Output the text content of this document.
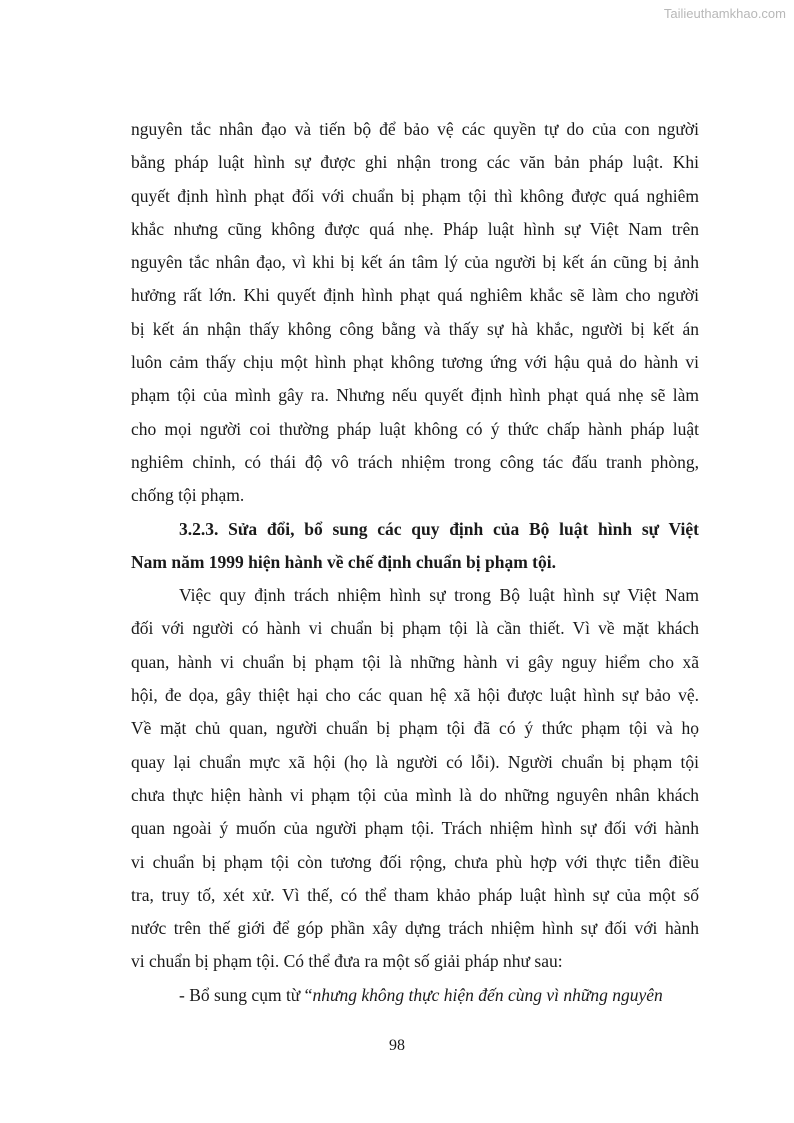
Tailieuthamkhao.com

nguyên tắc nhân đạo và tiến bộ để bảo vệ các quyền tự do của con người
bằng pháp luật hình sự được ghi nhận trong các văn bản pháp luật. Khi
quyết định hình phạt đối với chuẩn bị phạm tội thì không được quá nghiêm
khắc nhưng cũng không được quá nhẹ. Pháp luật hình sự Việt Nam trên
nguyên tắc nhân đạo, vì khi bị kết án tâm lý của người bị kết án cũng bị ảnh
hưởng rất lớn. Khi quyết định hình phạt quá nghiêm khắc sẽ làm cho người
bị kết án nhận thấy không công bằng và thấy sự hà khắc, người bị kết án
luôn cảm thấy chịu một hình phạt không tương ứng với hậu quả do hành vi
phạm tội của mình gây ra. Nhưng nếu quyết định hình phạt quá nhẹ sẽ làm
cho mọi người coi thường pháp luật không có ý thức chấp hành pháp luật
nghiêm chỉnh, có thái độ vô trách nhiệm trong công tác đấu tranh phòng,
chống tội phạm.

3.2.3. Sửa đổi, bổ sung các quy định của Bộ luật hình sự Việt
Nam năm 1999 hiện hành về chế định chuẩn bị phạm tội.

Việc quy định trách nhiệm hình sự trong Bộ luật hình sự Việt Nam
đối với người có hành vi chuẩn bị phạm tội là cần thiết. Vì về mặt khách
quan, hành vi chuẩn bị phạm tội là những hành vi gây nguy hiểm cho xã
hội, đe dọa, gây thiệt hại cho các quan hệ xã hội được luật hình sự bảo vệ.
Về mặt chủ quan, người chuẩn bị phạm tội đã có ý thức phạm tội và họ
quay lại chuẩn mực xã hội (họ là người có lỗi). Người chuẩn bị phạm tội
chưa thực hiện hành vi phạm tội của mình là do những nguyên nhân khách
quan ngoài ý muốn của người phạm tội. Trách nhiệm hình sự đối với hành
vi chuẩn bị phạm tội còn tương đối rộng, chưa phù hợp với thực tiễn điều
tra, truy tố, xét xử. Vì thế, có thể tham khảo pháp luật hình sự của một số
nước trên thế giới để góp phần xây dựng trách nhiệm hình sự đối với hành
vi chuẩn bị phạm tội. Có thể đưa ra một số giải pháp như sau:

- Bổ sung cụm từ “nhưng không thực hiện đến cùng vì những nguyên

98
